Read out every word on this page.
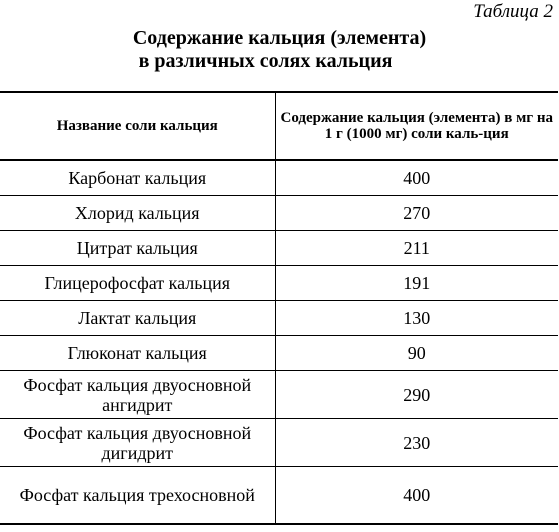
Таблица 2
Содержание кальция (элемента)
в различных солях кальция
Название соли кальция	Содержание кальция (элемента) в мг на 1 г (1000 мг) соли каль-ция
Карбонат кальция	400
Хлорид кальция	270
Цитрат кальция	211
Глицерофосфат кальция	191
Лактат кальция	130
Глюконат кальция	90
Фосфат кальция двуосновной ангидрит	290
Фосфат кальция двуосновной дигидрит	230
Фосфат кальция трехосновной	400
